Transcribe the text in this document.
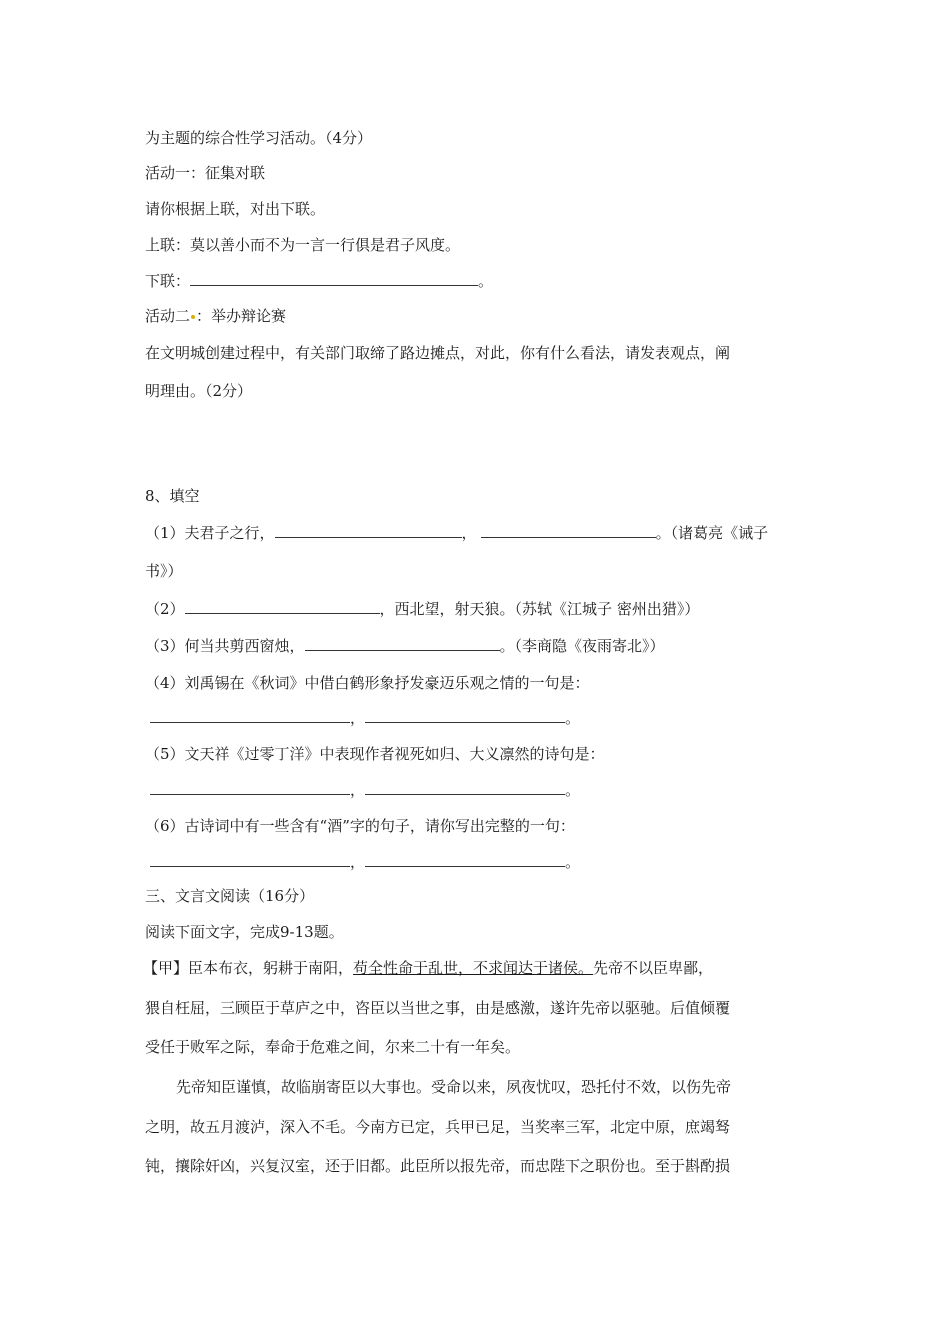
为主题的综合性学习活动。（4分）
活动一：征集对联
请你根据上联，对出下联。
上联：莫以善小而不为一言一行俱是君子风度。
下联：	。
活动二 ：举办辩论赛
在文明城创建过程中，有关部门取缔了路边摊点，对此，你有什么看法，请发表观点，阐
明理由。（2分）
8、填空
（1）夫君子之行，	，	。（诸葛亮《诫子
书》）
（2）	，西北望，射天狼。（苏轼《江城子 密州出猎》）
（3）何当共剪西窗烛，	。（李商隐《夜雨寄北》）
（4）刘禹锡在《秋词》中借白鹤形象抒发豪迈乐观之情的一句是：
，	。
（5）文天祥《过零丁洋》中表现作者视死如归、大义凛然的诗句是：
，	。
（6）古诗词中有一些含有“酒”字的句子，请你写出完整的一句：
，	。
三、文言文阅读（16分）
阅读下面文字，完成9-13题。
【甲】臣本布衣，躬耕于南阳，苟全性命于乱世，不求闻达于诸侯。先帝不以臣卑鄙，
猥自枉屈，三顾臣于草庐之中，咨臣以当世之事，由是感激，遂许先帝以驱驰。后值倾覆
受任于败军之际，奉命于危难之间，尔来二十有一年矣。
先帝知臣谨慎，故临崩寄臣以大事也。受命以来，夙夜忧叹，恐托付不效，以伤先帝
之明，故五月渡泸，深入不毛。今南方已定，兵甲已足，当奖率三军，北定中原，庶竭驽
钝，攘除奸凶，兴复汉室，还于旧都。此臣所以报先帝，而忠陛下之职份也。至于斟酌损
